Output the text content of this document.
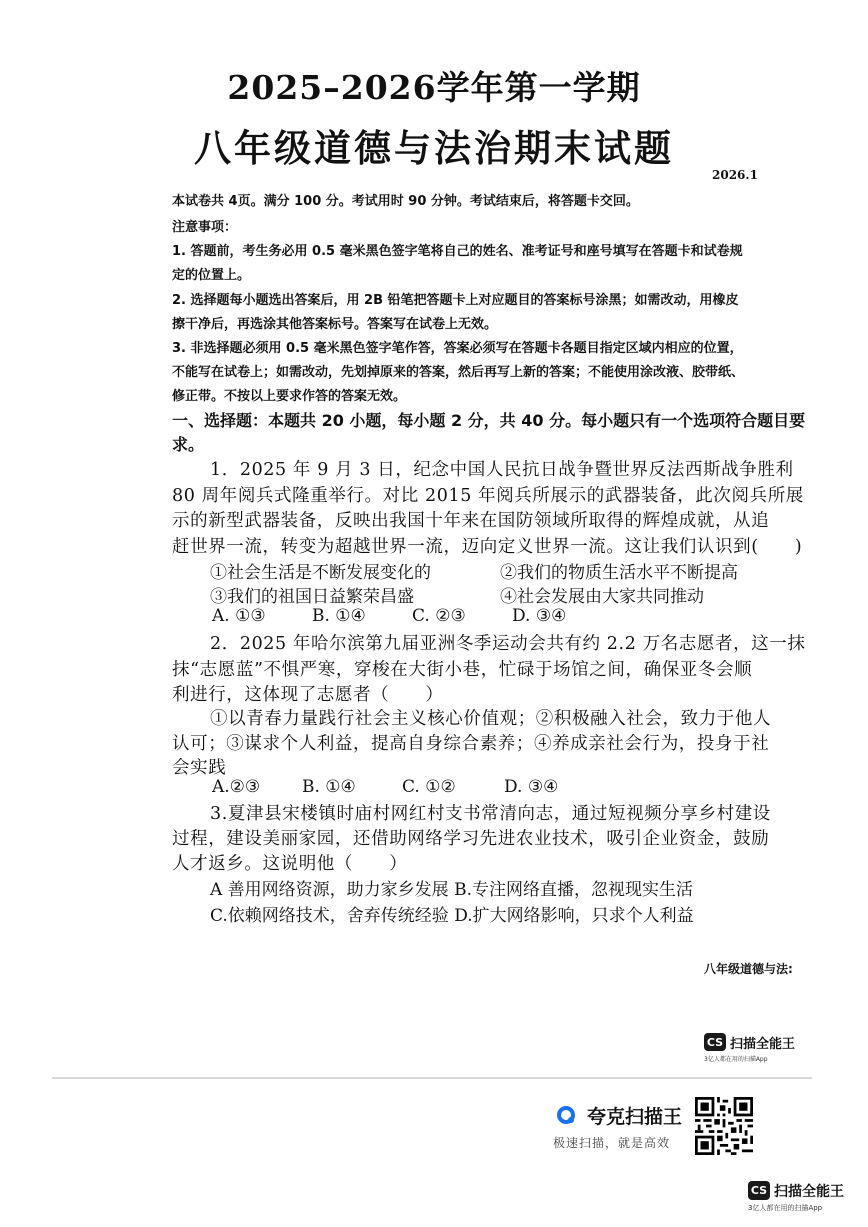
2025–2026学年第一学期
八年级道德与法治期末试题
2026.1
本试卷共 4页。满分 100 分。考试用时 90 分钟。考试结束后，将答题卡交回。
注意事项：
1. 答题前，考生务必用 0.5 毫米黑色签字笔将自己的姓名、准考证号和座号填写在答题卡和试卷规
定的位置上。
2. 选择题每小题选出答案后，用 2B 铅笔把答题卡上对应题目的答案标号涂黑；如需改动，用橡皮
擦干净后，再选涂其他答案标号。答案写在试卷上无效。
3. 非选择题必须用 0.5 毫米黑色签字笔作答，答案必须写在答题卡各题目指定区域内相应的位置，
不能写在试卷上；如需改动，先划掉原来的答案，然后再写上新的答案；不能使用涂改液、胶带纸、
修正带。不按以上要求作答的答案无效。
一、选择题：本题共 20 小题，每小题 2 分，共 40 分。每小题只有一个选项符合题目要
求。
1．2025 年 9 月 3 日，纪念中国人民抗日战争暨世界反法西斯战争胜利
80 周年阅兵式隆重举行。对比 2015 年阅兵所展示的武器装备，此次阅兵所展
示的新型武器装备，反映出我国十年来在国防领域所取得的辉煌成就，从追
赶世界一流，转变为超越世界一流，迈向定义世界一流。这让我们认识到(　　)
①社会生活是不断发展变化的	②我们的物质生活水平不断提高
③我们的祖国日益繁荣昌盛	④社会发展由大家共同推动
A. ①③	B. ①④	C. ②③	D. ③④
2．2025 年哈尔滨第九届亚洲冬季运动会共有约 2.2 万名志愿者，这一抹
抹“志愿蓝”不惧严寒，穿梭在大街小巷，忙碌于场馆之间，确保亚冬会顺
利进行，这体现了志愿者（　　）
①以青春力量践行社会主义核心价值观；②积极融入社会，致力于他人
认可；③谋求个人利益，提高自身综合素养；④养成亲社会行为，投身于社
会实践
A.②③ B. ①④	C. ①②	D. ③④
3.夏津县宋楼镇时庙村网红村支书常清向志，通过短视频分享乡村建设
过程，建设美丽家园，还借助网络学习先进农业技术，吸引企业资金，鼓励
人才返乡。这说明他（　　）
A 善用网络资源，助力家乡发展 B.专注网络直播，忽视现实生活
C.依赖网络技术，舍弃传统经验 D.扩大网络影响，只求个人利益
八年级道德与法:
CS 扫描全能王
3亿人都在用的扫描App
夸克扫描王
极速扫描，就是高效
CS 扫描全能王
3亿人都在用的扫描App
